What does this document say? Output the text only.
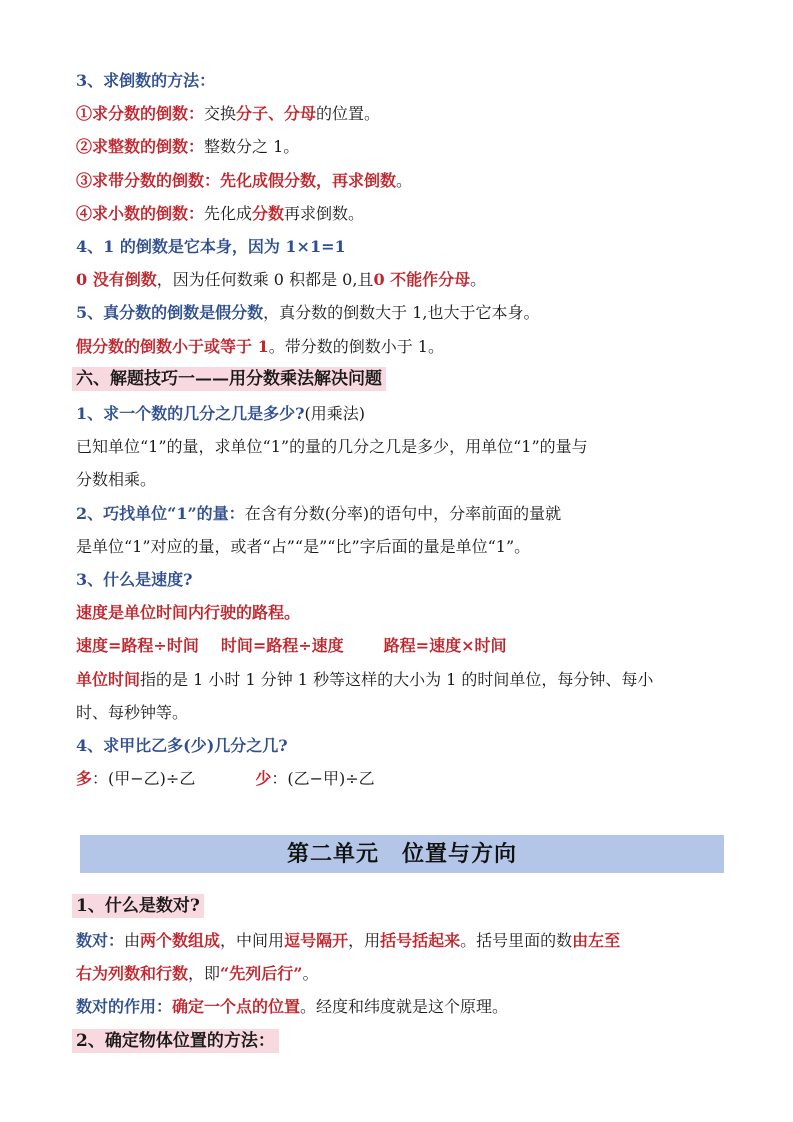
3、求倒数的方法：
①求分数的倒数：交换分子、分母的位置。
②求整数的倒数：整数分之 1。
③求带分数的倒数：先化成假分数，再求倒数。
④求小数的倒数：先化成分数再求倒数。
4、1 的倒数是它本身，因为 1×1=1
0 没有倒数，因为任何数乘 0 积都是 0,且0 不能作分母。
5、真分数的倒数是假分数，真分数的倒数大于 1,也大于它本身。
假分数的倒数小于或等于 1。带分数的倒数小于 1。
六、解题技巧一——用分数乘法解决问题
1、求一个数的几分之几是多少?(用乘法)
已知单位“1”的量，求单位“1”的量的几分之几是多少，用单位“1”的量与
分数相乘。
2、巧找单位“1”的量：在含有分数(分率)的语句中，分率前面的量就
是单位“1”对应的量，或者“占”“是”“比”字后面的量是单位“1”。
3、什么是速度?
速度是单位时间内行驶的路程。
速度=路程÷时间 时间=路程÷速度	路程=速度×时间
单位时间指的是 1 小时 1 分钟 1 秒等这样的大小为 1 的时间单位，每分钟、每小
时、每秒钟等。
4、求甲比乙多(少)几分之几?
多：(甲−乙)÷乙	少：(乙−甲)÷乙
第二单元　位置与方向
1、什么是数对?
数对：由两个数组成，中间用逗号隔开，用括号括起来。括号里面的数由左至
右为列数和行数，即“先列后行”。
数对的作用：确定一个点的位置。经度和纬度就是这个原理。
2、确定物体位置的方法：
